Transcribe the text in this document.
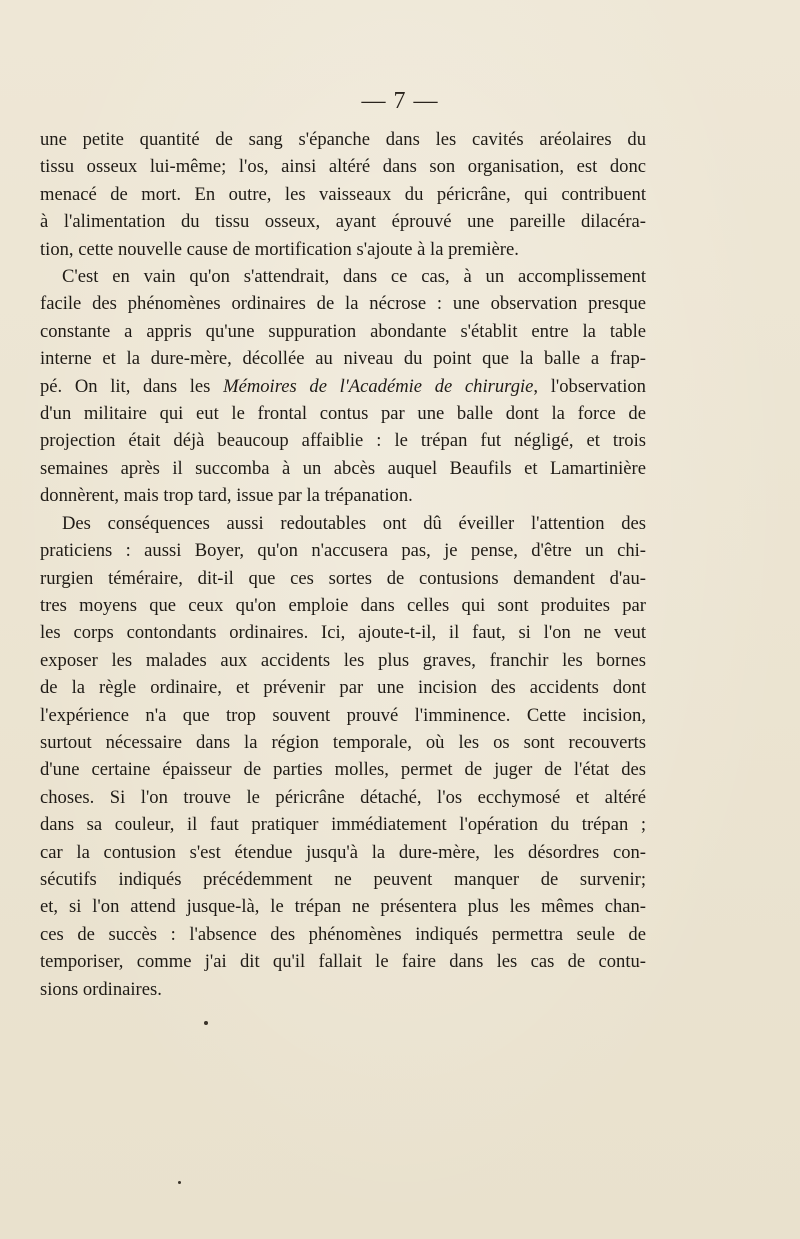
— 7 —

une petite quantité de sang s'épanche dans les cavités aréolaires du
tissu osseux lui-même; l'os, ainsi altéré dans son organisation, est donc
menacé de mort. En outre, les vaisseaux du péricrâne, qui contribuent
à l'alimentation du tissu osseux, ayant éprouvé une pareille dilacéra-
tion, cette nouvelle cause de mortification s'ajoute à la première.

C'est en vain qu'on s'attendrait, dans ce cas, à un accomplissement
facile des phénomènes ordinaires de la nécrose : une observation presque
constante a appris qu'une suppuration abondante s'établit entre la table
interne et la dure-mère, décollée au niveau du point que la balle a frap-
pé. On lit, dans les Mémoires de l'Académie de chirurgie, l'observation
d'un militaire qui eut le frontal contus par une balle dont la force de
projection était déjà beaucoup affaiblie : le trépan fut négligé, et trois
semaines après il succomba à un abcès auquel Beaufils et Lamartinière
donnèrent, mais trop tard, issue par la trépanation.

Des conséquences aussi redoutables ont dû éveiller l'attention des
praticiens : aussi Boyer, qu'on n'accusera pas, je pense, d'être un chi-
rurgien téméraire, dit-il que ces sortes de contusions demandent d'au-
tres moyens que ceux qu'on emploie dans celles qui sont produites par
les corps contondants ordinaires. Ici, ajoute-t-il, il faut, si l'on ne veut
exposer les malades aux accidents les plus graves, franchir les bornes
de la règle ordinaire, et prévenir par une incision des accidents dont
l'expérience n'a que trop souvent prouvé l'imminence. Cette incision,
surtout nécessaire dans la région temporale, où les os sont recouverts
d'une certaine épaisseur de parties molles, permet de juger de l'état des
choses. Si l'on trouve le péricrâne détaché, l'os ecchymosé et altéré
dans sa couleur, il faut pratiquer immédiatement l'opération du trépan ;
car la contusion s'est étendue jusqu'à la dure-mère, les désordres con-
sécutifs indiqués précédemment ne peuvent manquer de survenir;
et, si l'on attend jusque-là, le trépan ne présentera plus les mêmes chan-
ces de succès : l'absence des phénomènes indiqués permettra seule de
temporiser, comme j'ai dit qu'il fallait le faire dans les cas de contu-
sions ordinaires.
